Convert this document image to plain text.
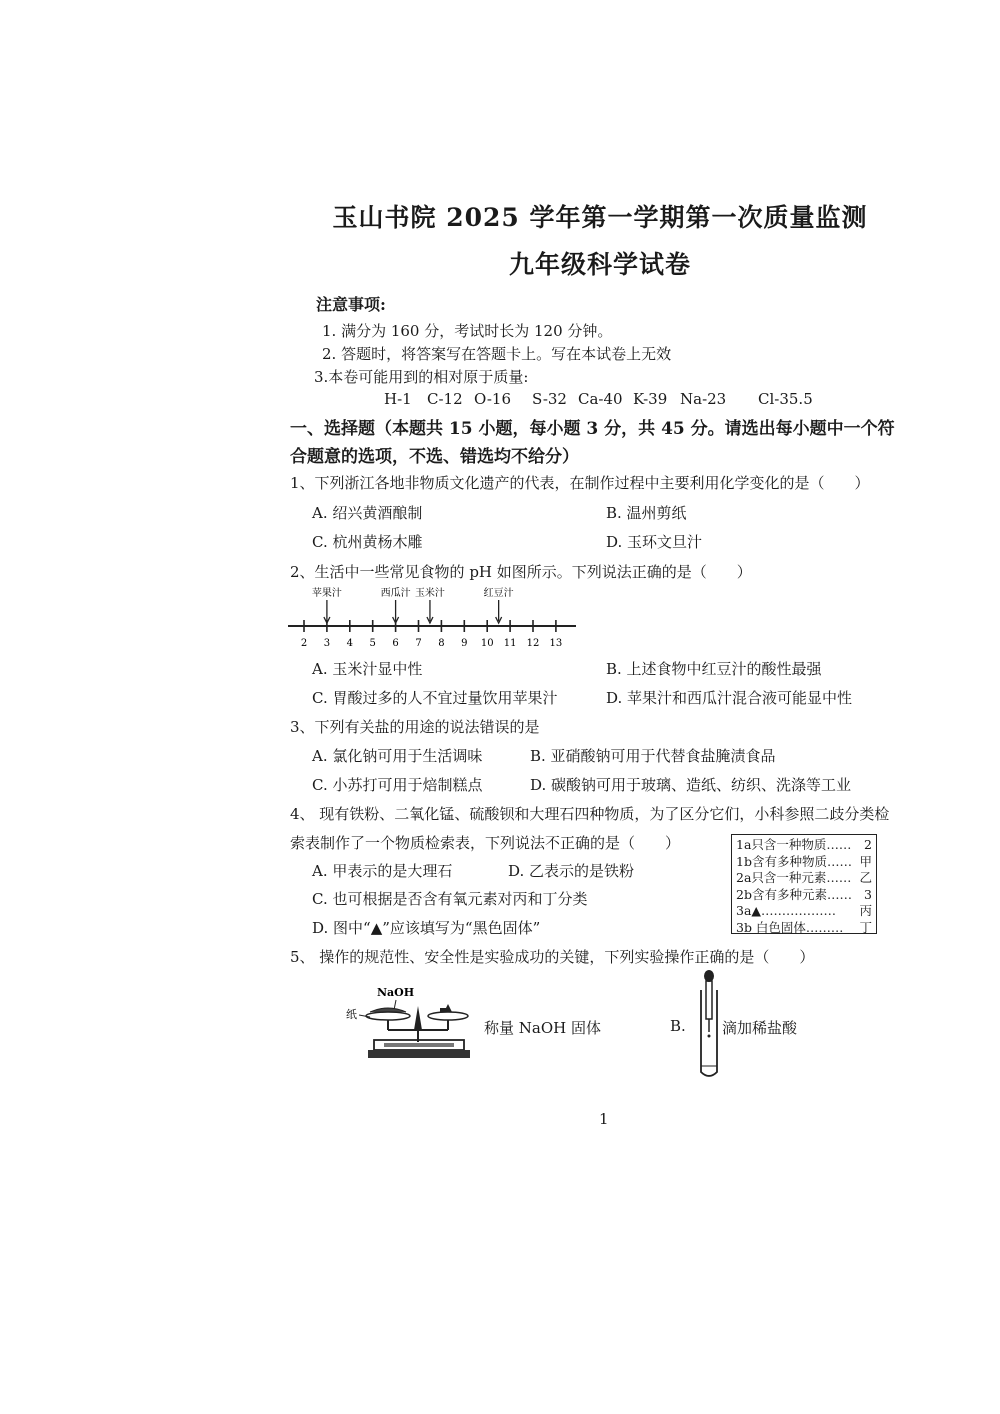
玉山书院 2025 学年第一学期第一次质量监测
九年级科学试卷
注意事项:
1. 满分为 160 分，考试时长为 120 分钟。
2. 答题时，将答案写在答题卡上。写在本试卷上无效
3.本卷可能用到的相对原于质量:
H-1 C-12 O-16 S-32 Ca-40 K-39 Na-23 Cl-35.5
一、选择题（本题共 15 小题，每小题 3 分，共 45 分。请选出每小题中一个符
合题意的选项，不选、错选均不给分）
1、下列浙江各地非物质文化遗产的代表，在制作过程中主要利用化学变化的是（　　）
A. 绍兴黄酒酿制	B. 温州剪纸
C. 杭州黄杨木雕	D. 玉环文旦汁
2、生活中一些常见食物的 pH 如图所示。下列说法正确的是（　　）
2 3 4 5 6 7 8 9 10 11 12 13
苹果汁	西瓜汁 玉米汁	红豆汁
A. 玉米汁显中性	B. 上述食物中红豆汁的酸性最强
C. 胃酸过多的人不宜过量饮用苹果汁	D. 苹果汁和西瓜汁混合液可能显中性
3、下列有关盐的用途的说法错误的是
A. 氯化钠可用于生活调味	B. 亚硝酸钠可用于代替食盐腌渍食品
C. 小苏打可用于焙制糕点	D. 碳酸钠可用于玻璃、造纸、纺织、洗涤等工业
4、 现有铁粉、二氧化锰、硫酸钡和大理石四种物质，为了区分它们，小科参照二歧分类检
索表制作了一个物质检索表，下列说法不正确的是（　　）
A. 甲表示的是大理石	D. 乙表示的是铁粉
C. 也可根据是否含有氧元素对丙和丁分类
D. 图中“▲”应该填写为“黑色固体”
1a只含一种物质…… 2
1b含有多种物质…… 甲
2a只含一种元素…… 乙
2b含有多种元素…… 3
3a▲……………… 丙
3b 白色固体……… 丁
5、 操作的规范性、安全性是实验成功的关键，下列实验操作正确的是（　　）
NaOH
纸
称量 NaOH 固体	B. 滴加稀盐酸
1
